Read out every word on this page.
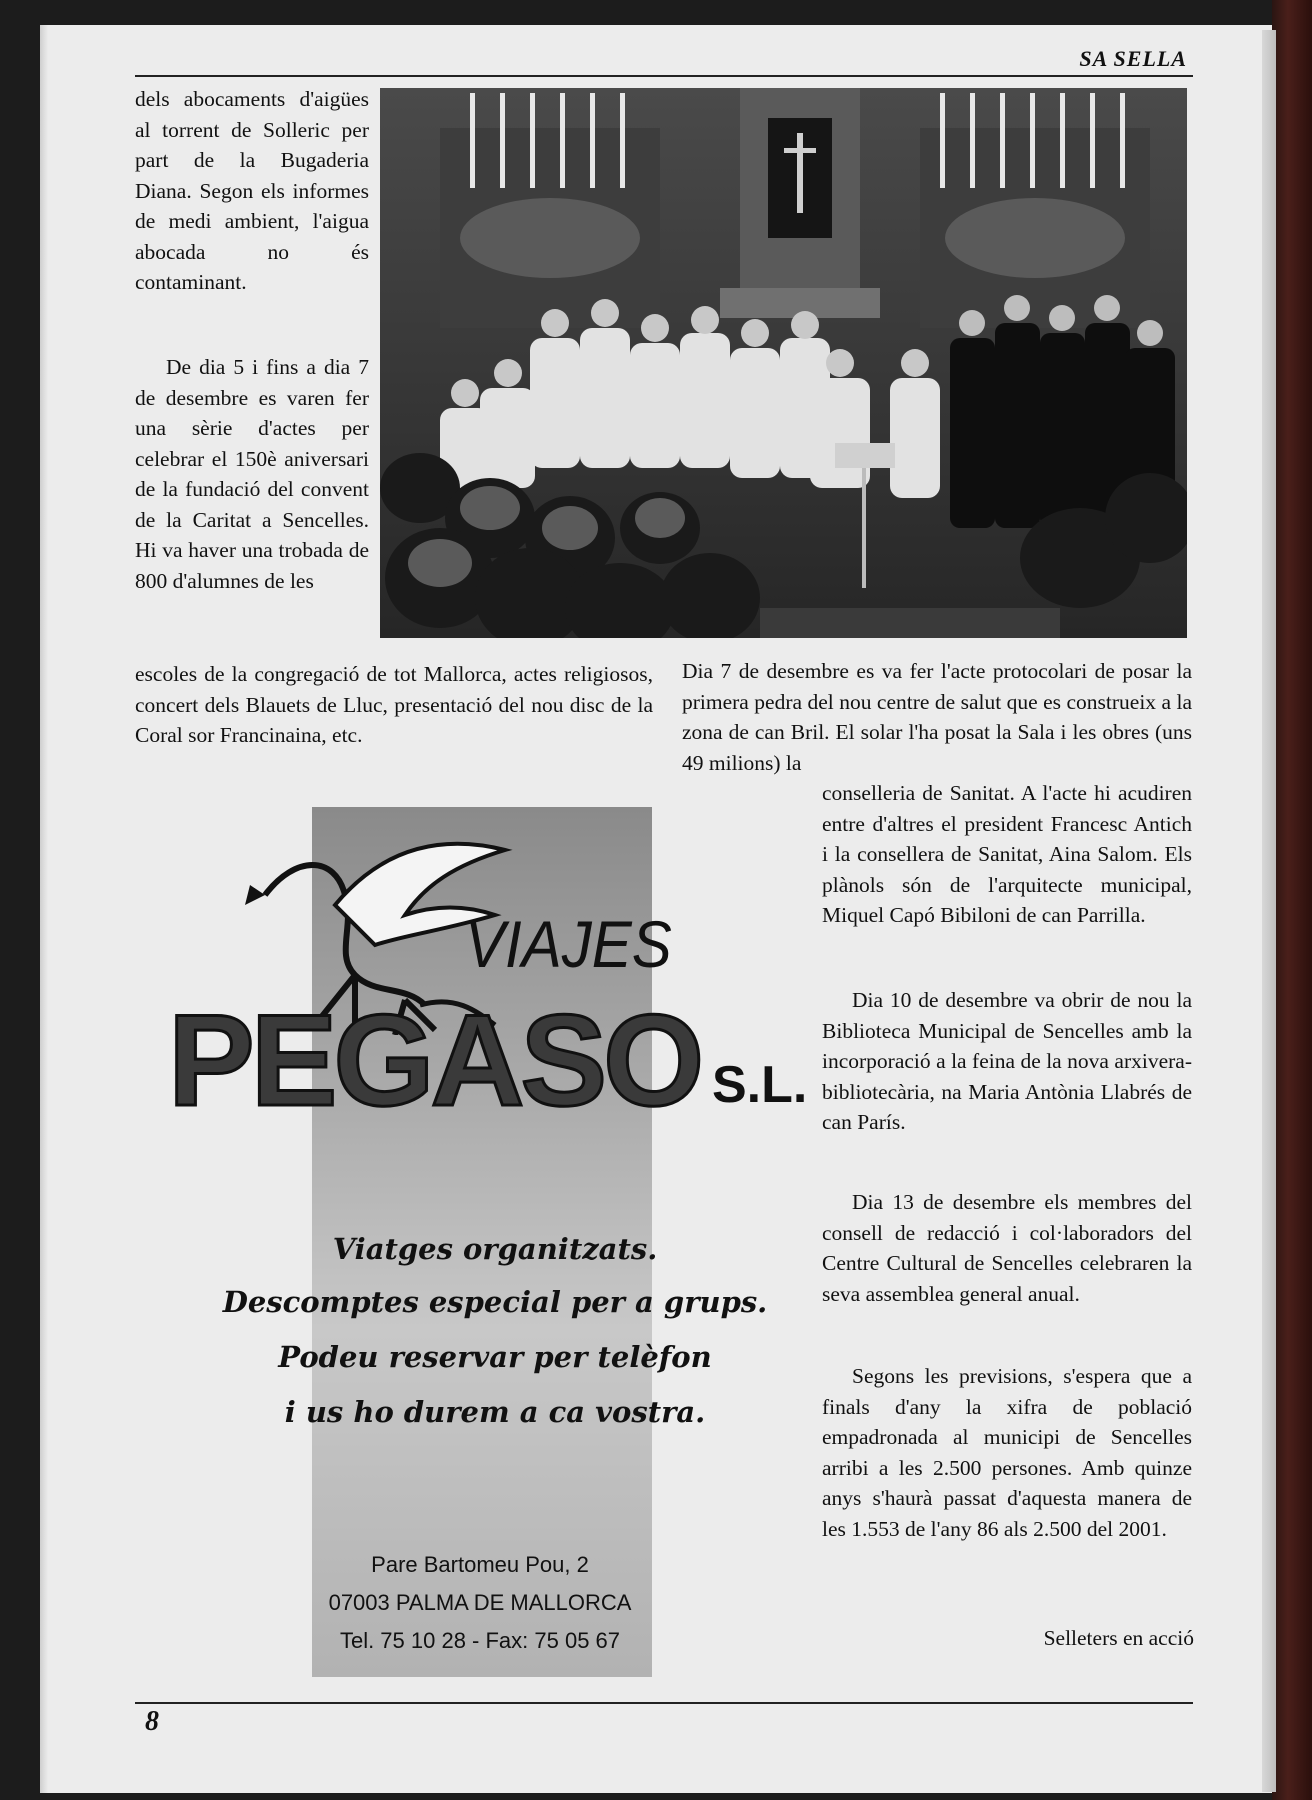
SA SELLA

dels abocaments d'aigües al torrent de Solleric per part de la Bugaderia Diana. Segon els informes de medi ambient, l'aigua abocada no és contaminant.

De dia 5 i fins a dia 7 de desembre es varen fer una sèrie d'actes per celebrar el 150è aniversari de la fundació del convent de la Caritat a Sencelles. Hi va haver una trobada de 800 d'alumnes de les

escoles de la congregació de tot Mallorca, actes religiosos, concert dels Blauets de Lluc, presentació del nou disc de la Coral sor Francinaina, etc.

Dia 7 de desembre es va fer l'acte protocolari de posar la primera pedra del nou centre de salut que es construeix a la zona de can Bril. El solar l'ha posat la Sala i les obres (uns 49 milions) la

conselleria de Sanitat. A l'acte hi acudiren entre d'altres el president Francesc Antich i la consellera de Sanitat, Aina Salom. Els plànols són de l'arquitecte municipal, Miquel Capó Bibiloni de can Parrilla.

Dia 10 de desembre va obrir de nou la Biblioteca Municipal de Sencelles amb la incorporació a la feina de la nova arxivera-bibliotecària, na Maria Antònia Llabrés de can París.

Dia 13 de desembre els membres del consell de redacció i col·laboradors del Centre Cultural de Sencelles celebraren la seva assemblea general anual.

Segons les previsions, s'espera que a finals d'any la xifra de població empadronada al municipi de Sencelles arribi a les 2.500 persones. Amb quinze anys s'haurà passat d'aquesta manera de les 1.553 de l'any 86 als 2.500 del 2001.

Selleters en acció
VIAJES
PEGASO S.L.
Viatges organitzats.
Descomptes especial per a grups.
Podeu reservar per telèfon
i us ho durem a ca vostra.
Pare Bartomeu Pou, 2
07003 PALMA DE MALLORCA
Tel. 75 10 28 - Fax: 75 05 67
8
